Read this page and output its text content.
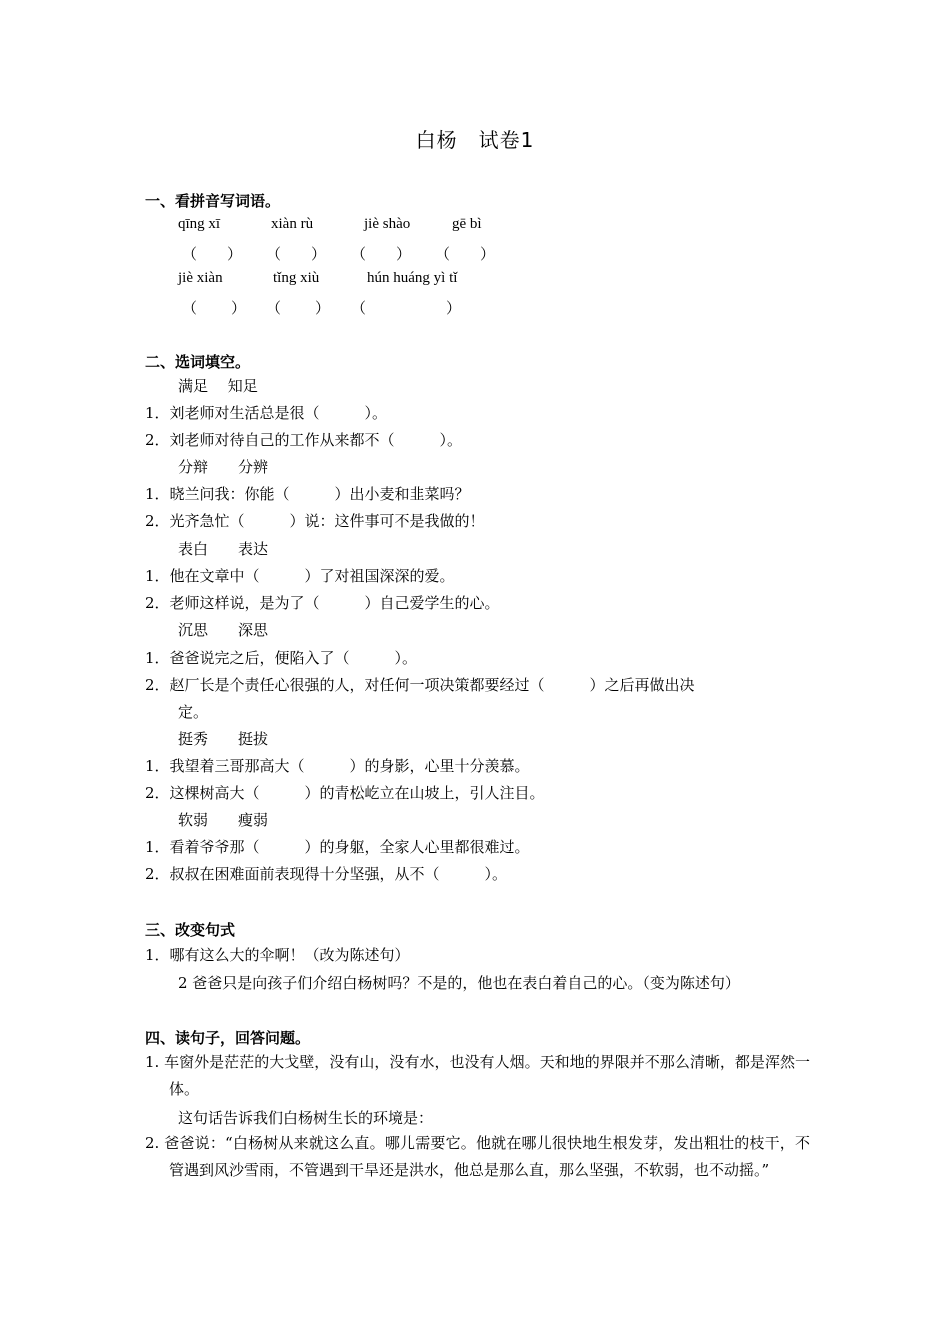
白杨　试卷1
一、看拼音写词语。
qīng xī	xiàn rù	jiè shào	gē bì
（ ） （ ） （ ） （ ）
jiè xiàn	tǐng xiù	hún huáng yì tǐ
（ ） （ ） （	）
二、选词填空。
满足　 知足
1．刘老师对生活总是很（　　　）。
2．刘老师对待自己的工作从来都不（　　　）。
分辩　　分辨
1．晓兰问我：你能（　　　）出小麦和韭菜吗？
2．光齐急忙（　　　）说：这件事可不是我做的！
表白　　表达
1．他在文章中（　　　）了对祖国深深的爱。
2．老师这样说，是为了（　　　）自己爱学生的心。
沉思　　深思
1．爸爸说完之后，便陷入了（　　　）。
2．赵厂长是个责任心很强的人，对任何一项决策都要经过（　　　）之后再做出决
定。
挺秀　　挺拔
1．我望着三哥那高大（　　　）的身影，心里十分羡慕。
2．这棵树高大（　　　）的青松屹立在山坡上，引人注目。
软弱　　瘦弱
1．看着爷爷那（　　　）的身躯，全家人心里都很难过。
2．叔叔在困难面前表现得十分坚强，从不（　　　）。
三、改变句式
1．哪有这么大的伞啊！（改为陈述句）
2 爸爸只是向孩子们介绍白杨树吗？不是的，他也在表白着自己的心。（变为陈述句）
四、读句子，回答问题。
1. 车窗外是茫茫的大戈壁，没有山，没有水，也没有人烟。天和地的界限并不那么清晰，都是浑然一体。
这句话告诉我们白杨树生长的环境是：
2. 爸爸说：“白杨树从来就这么直。哪儿需要它。他就在哪儿很快地生根发芽，发出粗壮的枝干，不管遇到风沙雪雨，不管遇到干旱还是洪水，他总是那么直，那么坚强，不软弱，也不动摇。”
